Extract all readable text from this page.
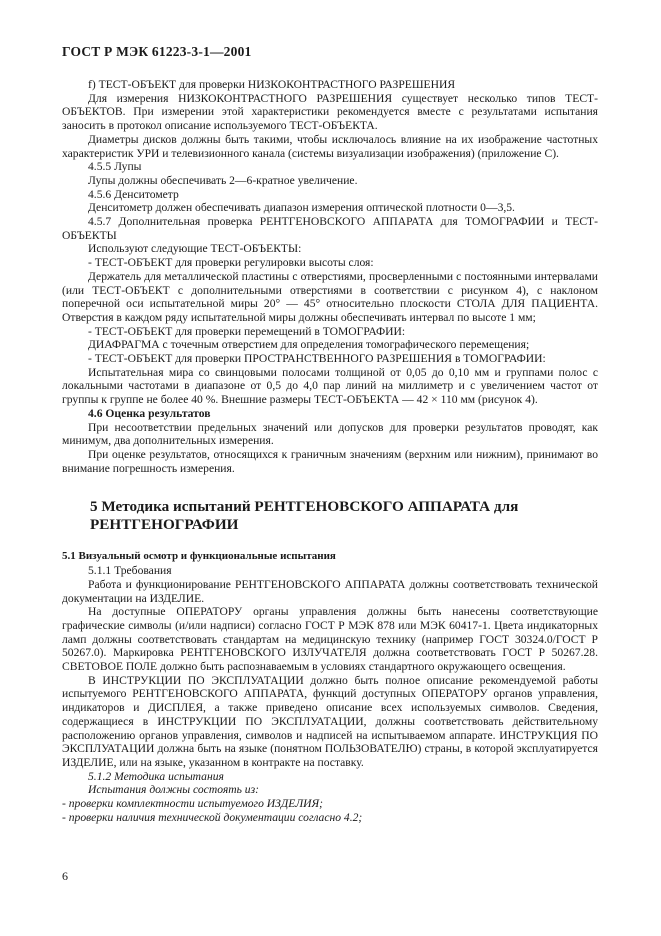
ГОСТ Р МЭК 61223-3-1—2001

f) ТЕСТ-ОБЪЕКТ для проверки НИЗКОКОНТРАСТНОГО РАЗРЕШЕНИЯ

Для измерения НИЗКОКОНТРАСТНОГО РАЗРЕШЕНИЯ существует несколько типов ТЕСТ-ОБЪЕКТОВ. При измерении этой характеристики рекомендуется вместе с результатами испытания заносить в протокол описание используемого ТЕСТ-ОБЪЕКТА.

Диаметры дисков должны быть такими, чтобы исключалось влияние на их изображение частотных характеристик УРИ и телевизионного канала (системы визуализации изображения) (приложение С).

4.5.5 Лупы

Лупы должны обеспечивать 2—6-кратное увеличение.

4.5.6 Денситометр

Денситометр должен обеспечивать диапазон измерения оптической плотности 0—3,5.

4.5.7 Дополнительная проверка РЕНТГЕНОВСКОГО АППАРАТА для ТОМОГРАФИИ и ТЕСТ-ОБЪЕКТЫ

Используют следующие ТЕСТ-ОБЪЕКТЫ:

- ТЕСТ-ОБЪЕКТ для проверки регулировки высоты слоя:

Держатель для металлической пластины с отверстиями, просверленными с постоянными интервалами (или ТЕСТ-ОБЪЕКТ с дополнительными отверстиями в соответствии с рисунком 4), с наклоном поперечной оси испытательной миры 20° — 45° относительно плоскости СТОЛА ДЛЯ ПАЦИЕНТА. Отверстия в каждом ряду испытательной миры должны обеспечивать интервал по высоте 1 мм;

- ТЕСТ-ОБЪЕКТ для проверки перемещений в ТОМОГРАФИИ:

ДИАФРАГМА с точечным отверстием для определения томографического перемещения;

- ТЕСТ-ОБЪЕКТ для проверки ПРОСТРАНСТВЕННОГО РАЗРЕШЕНИЯ в ТОМОГРАФИИ:

Испытательная мира со свинцовыми полосами толщиной от 0,05 до 0,10 мм и группами полос с локальными частотами в диапазоне от 0,5 до 4,0 пар линий на миллиметр и с увеличением частот от группы к группе не более 40 %. Внешние размеры ТЕСТ-ОБЪЕКТА — 42 × 110 мм (рисунок 4).

4.6 Оценка результатов

При несоответствии предельных значений или допусков для проверки результатов проводят, как минимум, два дополнительных измерения.

При оценке результатов, относящихся к граничным значениям (верхним или нижним), принимают во внимание погрешность измерения.

5 Методика испытаний РЕНТГЕНОВСКОГО АППАРАТА для РЕНТГЕНОГРАФИИ

5.1 Визуальный осмотр и функциональные испытания

5.1.1 Требования

Работа и функционирование РЕНТГЕНОВСКОГО АППАРАТА должны соответствовать технической документации на ИЗДЕЛИЕ.

На доступные ОПЕРАТОРУ органы управления должны быть нанесены соответствующие графические символы (и/или надписи) согласно ГОСТ Р МЭК 878 или МЭК 60417-1. Цвета индикаторных ламп должны соответствовать стандартам на медицинскую технику (например ГОСТ 30324.0/ГОСТ Р 50267.0). Маркировка РЕНТГЕНОВСКОГО ИЗЛУЧАТЕЛЯ должна соответствовать ГОСТ Р 50267.28. СВЕТОВОЕ ПОЛЕ должно быть распознаваемым в условиях стандартного окружающего освещения.

В ИНСТРУКЦИИ ПО ЭКСПЛУАТАЦИИ должно быть полное описание рекомендуемой работы испытуемого РЕНТГЕНОВСКОГО АППАРАТА, функций доступных ОПЕРАТОРУ органов управления, индикаторов и ДИСПЛЕЯ, а также приведено описание всех используемых символов. Сведения, содержащиеся в ИНСТРУКЦИИ ПО ЭКСПЛУАТАЦИИ, должны соответствовать действительному расположению органов управления, символов и надписей на испытываемом аппарате. ИНСТРУКЦИЯ ПО ЭКСПЛУАТАЦИИ должна быть на языке (понятном ПОЛЬЗОВАТЕЛЮ) страны, в которой эксплуатируется ИЗДЕЛИЕ, или на языке, указанном в контракте на поставку.

5.1.2 Методика испытания

Испытания должны состоять из:

- проверки комплектности испытуемого ИЗДЕЛИЯ;

- проверки наличия технической документации согласно 4.2;

6
